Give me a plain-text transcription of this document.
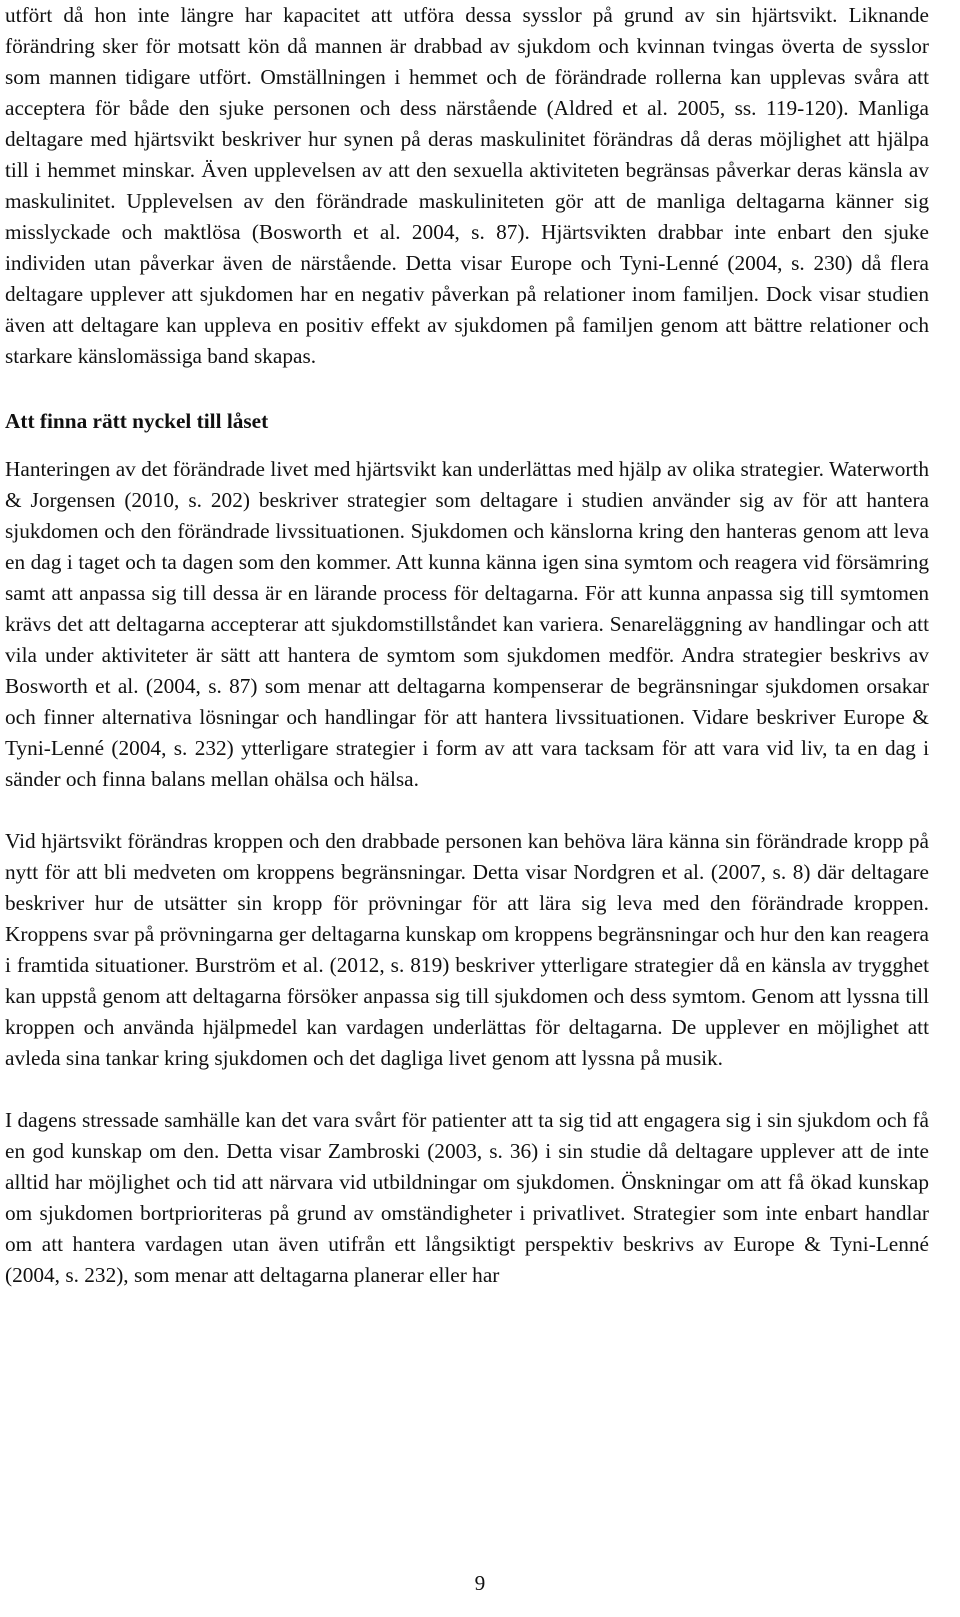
utfört då hon inte längre har kapacitet att utföra dessa sysslor på grund av sin hjärtsvikt. Liknande förändring sker för motsatt kön då mannen är drabbad av sjukdom och kvinnan tvingas överta de sysslor som mannen tidigare utfört. Omställningen i hemmet och de förändrade rollerna kan upplevas svåra att acceptera för både den sjuke personen och dess närstående (Aldred et al. 2005, ss. 119-120). Manliga deltagare med hjärtsvikt beskriver hur synen på deras maskulinitet förändras då deras möjlighet att hjälpa till i hemmet minskar. Även upplevelsen av att den sexuella aktiviteten begränsas påverkar deras känsla av maskulinitet. Upplevelsen av den förändrade maskuliniteten gör att de manliga deltagarna känner sig misslyckade och maktlösa (Bosworth et al. 2004, s. 87). Hjärtsvikten drabbar inte enbart den sjuke individen utan påverkar även de närstående. Detta visar Europe och Tyni-Lenné (2004, s. 230) då flera deltagare upplever att sjukdomen har en negativ påverkan på relationer inom familjen. Dock visar studien även att deltagare kan uppleva en positiv effekt av sjukdomen på familjen genom att bättre relationer och starkare känslomässiga band skapas.

Att finna rätt nyckel till låset

Hanteringen av det förändrade livet med hjärtsvikt kan underlättas med hjälp av olika strategier. Waterworth & Jorgensen (2010, s. 202) beskriver strategier som deltagare i studien använder sig av för att hantera sjukdomen och den förändrade livssituationen. Sjukdomen och känslorna kring den hanteras genom att leva en dag i taget och ta dagen som den kommer. Att kunna känna igen sina symtom och reagera vid försämring samt att anpassa sig till dessa är en lärande process för deltagarna. För att kunna anpassa sig till symtomen krävs det att deltagarna accepterar att sjukdomstillståndet kan variera. Senareläggning av handlingar och att vila under aktiviteter är sätt att hantera de symtom som sjukdomen medför. Andra strategier beskrivs av Bosworth et al. (2004, s. 87) som menar att deltagarna kompenserar de begränsningar sjukdomen orsakar och finner alternativa lösningar och handlingar för att hantera livssituationen. Vidare beskriver Europe & Tyni-Lenné (2004, s. 232) ytterligare strategier i form av att vara tacksam för att vara vid liv, ta en dag i sänder och finna balans mellan ohälsa och hälsa.

Vid hjärtsvikt förändras kroppen och den drabbade personen kan behöva lära känna sin förändrade kropp på nytt för att bli medveten om kroppens begränsningar. Detta visar Nordgren et al. (2007, s. 8) där deltagare beskriver hur de utsätter sin kropp för prövningar för att lära sig leva med den förändrade kroppen. Kroppens svar på prövningarna ger deltagarna kunskap om kroppens begränsningar och hur den kan reagera i framtida situationer. Burström et al. (2012, s. 819) beskriver ytterligare strategier då en känsla av trygghet kan uppstå genom att deltagarna försöker anpassa sig till sjukdomen och dess symtom. Genom att lyssna till kroppen och använda hjälpmedel kan vardagen underlättas för deltagarna. De upplever en möjlighet att avleda sina tankar kring sjukdomen och det dagliga livet genom att lyssna på musik.

I dagens stressade samhälle kan det vara svårt för patienter att ta sig tid att engagera sig i sin sjukdom och få en god kunskap om den. Detta visar Zambroski (2003, s. 36) i sin studie då deltagare upplever att de inte alltid har möjlighet och tid att närvara vid utbildningar om sjukdomen. Önskningar om att få ökad kunskap om sjukdomen bortprioriteras på grund av omständigheter i privatlivet. Strategier som inte enbart handlar om att hantera vardagen utan även utifrån ett långsiktigt perspektiv beskrivs av Europe & Tyni-Lenné (2004, s. 232), som menar att deltagarna planerar eller har

9
